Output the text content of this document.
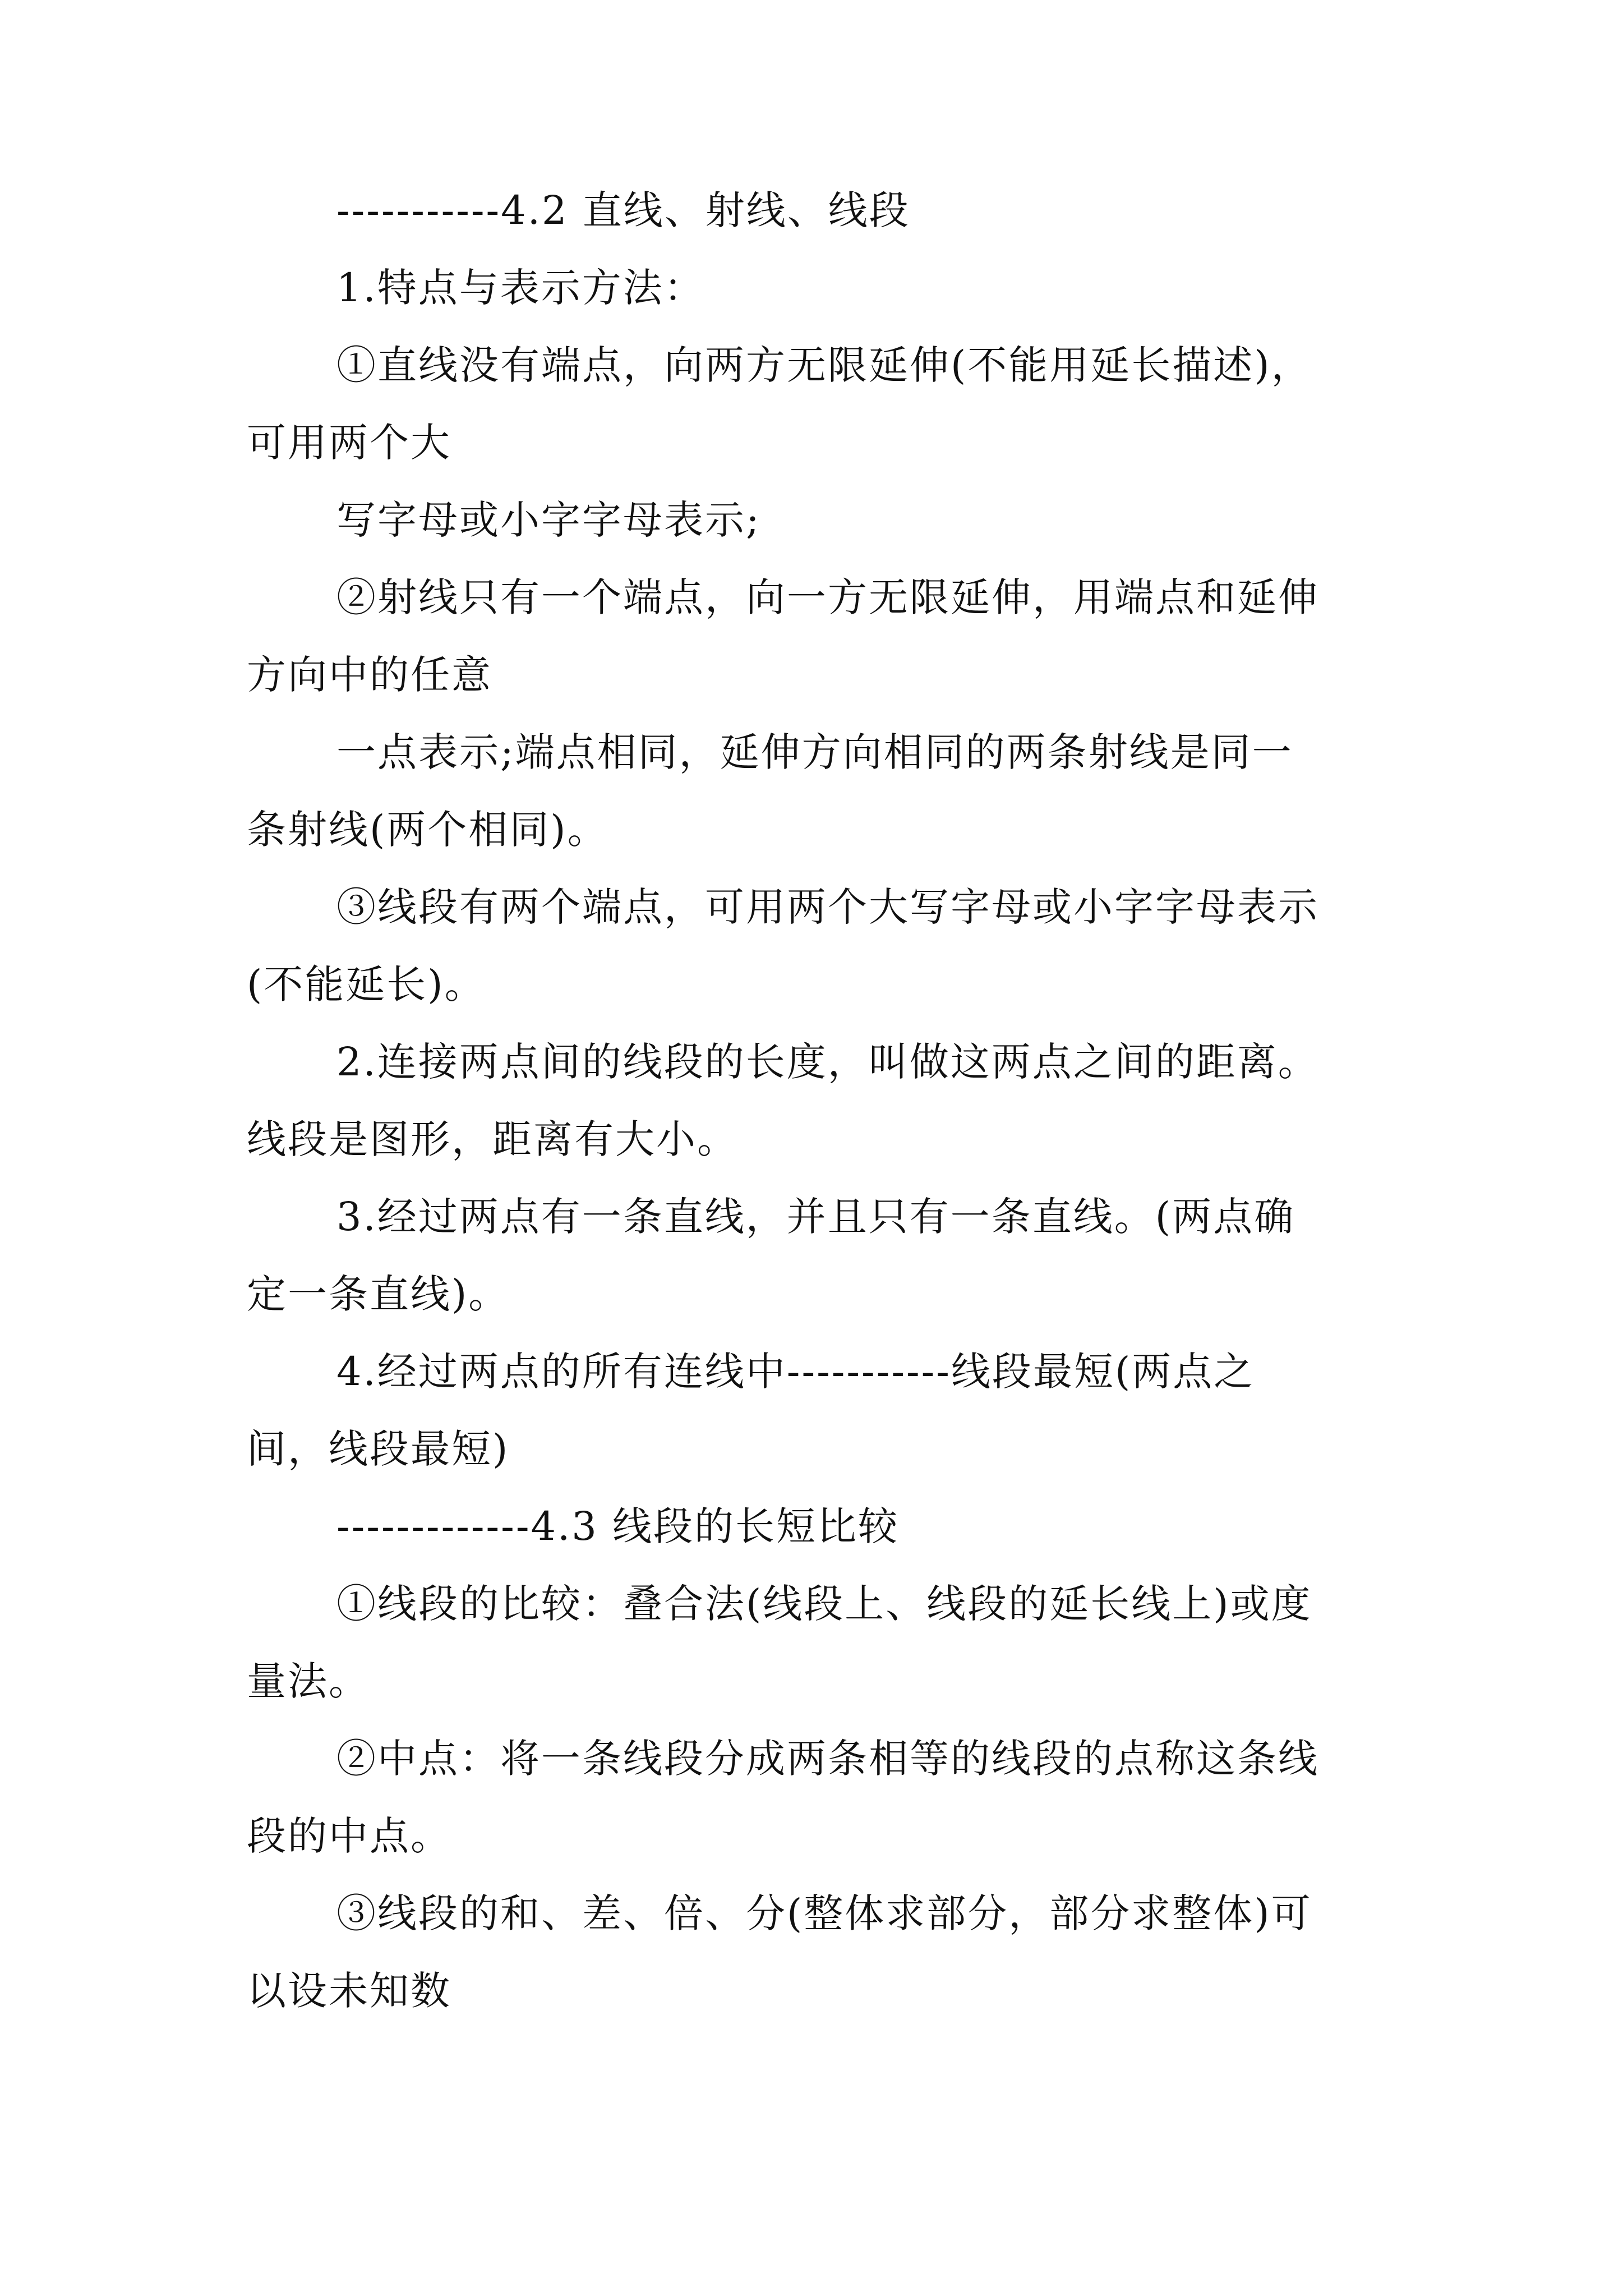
-----------4.2 直线、射线、线段
1.特点与表示方法：
①直线没有端点，向两方无限延伸(不能用延长描述)，
可用两个大
写字母或小字字母表示;
②射线只有一个端点，向一方无限延伸，用端点和延伸
方向中的任意
一点表示;端点相同，延伸方向相同的两条射线是同一
条射线(两个相同)。
③线段有两个端点，可用两个大写字母或小字字母表示
(不能延长)。
2.连接两点间的线段的长度，叫做这两点之间的距离。
线段是图形，距离有大小。
3.经过两点有一条直线，并且只有一条直线。(两点确
定一条直线)。
4.经过两点的所有连线中-----------线段最短(两点之
间，线段最短)
-------------4.3 线段的长短比较
①线段的比较：叠合法(线段上、线段的延长线上)或度
量法。
②中点：将一条线段分成两条相等的线段的点称这条线
段的中点。
③线段的和、差、倍、分(整体求部分，部分求整体)可
以设未知数
